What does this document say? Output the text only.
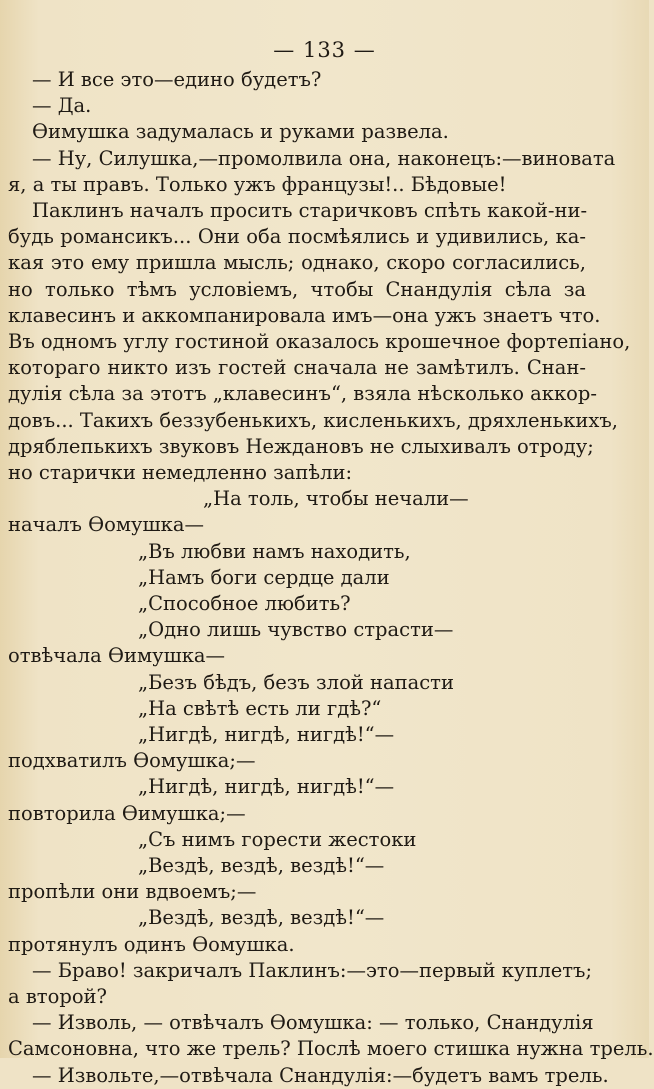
— 133 —
— И все это—едино будетъ?
— Да.
Өимушка задумалась и руками развела.
— Ну, Силушка,—промолвила она, наконецъ:—виновата
я, а ты правъ. Только ужъ французы!.. Бѣдовые!
Паклинъ началъ просить старичковъ спѣть какой-ни-
будь романсикъ... Они оба посмѣялись и удивились, ка-
кая это ему пришла мысль; однако, скоро согласились,
но только тѣмъ условіемъ, чтобы Снандулія сѣла за
клавесинъ и аккомпанировала имъ—она ужъ знаетъ что.
Въ одномъ углу гостиной оказалось крошечное фортепіано,
котораго никто изъ гостей сначала не замѣтилъ. Снан-
дулія сѣла за этотъ „клавесинъ“, взяла нѣсколько аккор-
довъ... Такихъ беззубенькихъ, кисленькихъ, дряхленькихъ,
дряблепькихъ звуковъ Нежданoвъ не слыхивалъ отроду;
но старички немедленно запѣли:
„На толь, чтобы нечали—
началъ Өомушка—
„Въ любви намъ находить,
„Намъ боги сердце дали
„Способное любить?
„Одно лишь чувство страсти—
отвѣчала Өимушка—
„Безъ бѣдъ, безъ злой напасти
„На свѣтѣ есть ли гдѣ?“
„Нигдѣ, нигдѣ, нигдѣ!“—
подхватилъ Өомушка;—
„Нигдѣ, нигдѣ, нигдѣ!“—
повторила Өимушка;—
„Съ нимъ горести жестоки
„Вездѣ, вездѣ, вездѣ!“—
пропѣли они вдвоемъ;—
„Вездѣ, вездѣ, вездѣ!“—
протянулъ одинъ Өомушка.
— Браво! закричалъ Паклинъ:—это—первый куплетъ;
а второй?
— Изволь, — отвѣчалъ Өомушка: — только, Снандулія
Самсоновна, что же трель? Послѣ моего стишка нужна трель.
— Извольте,—отвѣчала Снандулія:—будетъ вамъ трель.
